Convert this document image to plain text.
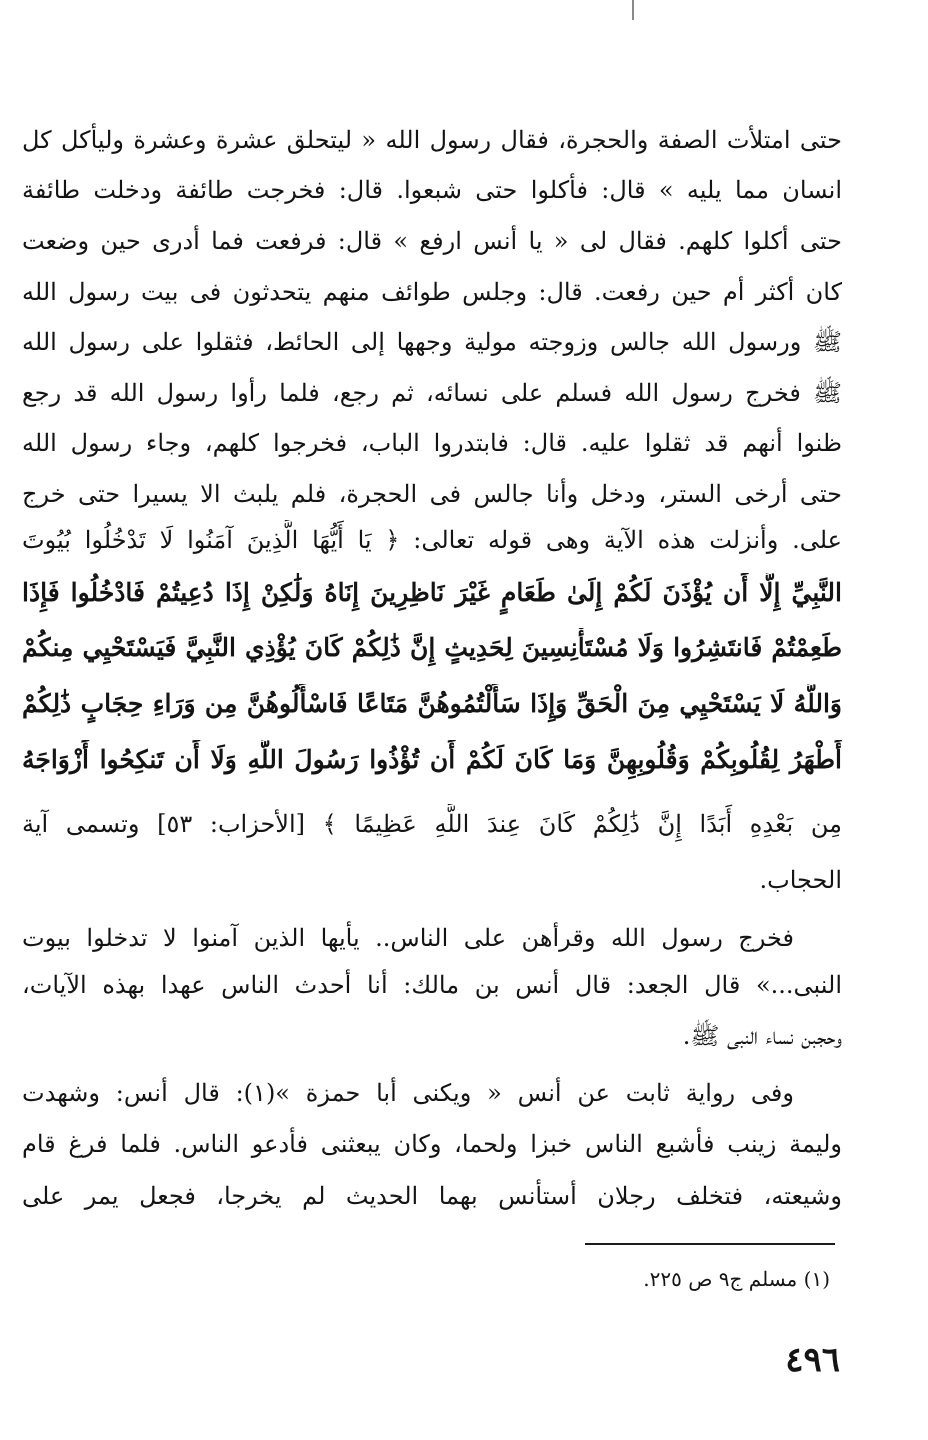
حتى امتلأت الصفة والحجرة، فقال رسول الله « ليتحلق عشرة وعشرة وليأكل كل
انسان مما يليه » قال: فأكلوا حتى شبعوا. قال: فخرجت طائفة ودخلت طائفة
حتى أكلوا كلهم. فقال لى « يا أنس ارفع » قال: فرفعت فما أدرى حين وضعت
كان أكثر أم حين رفعت. قال: وجلس طوائف منهم يتحدثون فى بيت رسول الله
ﷺ ورسول الله جالس وزوجته مولية وجهها إلى الحائط، فثقلوا على رسول الله
ﷺ فخرج رسول الله فسلم على نسائه، ثم رجع، فلما رأوا رسول الله قد رجع
ظنوا أنهم قد ثقلوا عليه. قال: فابتدروا الباب، فخرجوا كلهم، وجاء رسول الله
حتى أرخى الستر، ودخل وأنا جالس فى الحجرة، فلم يلبث الا يسيرا حتى خرج
على. وأنزلت هذه الآية وهى قوله تعالى: ﴿ يَا أَيُّهَا الَّذِينَ آمَنُوا لَا تَدْخُلُوا بُيُوتَ
النَّبِيِّ إِلَّا أَن يُؤْذَنَ لَكُمْ إِلَىٰ طَعَامٍ غَيْرَ نَاظِرِينَ إِنَاهُ وَلَٰكِنْ إِذَا دُعِيتُمْ فَادْخُلُوا فَإِذَا
طَعِمْتُمْ فَانتَشِرُوا وَلَا مُسْتَأْنِسِينَ لِحَدِيثٍ إِنَّ ذَٰلِكُمْ كَانَ يُؤْذِي النَّبِيَّ فَيَسْتَحْيِي مِنكُمْ
وَاللَّهُ لَا يَسْتَحْيِي مِنَ الْحَقِّ وَإِذَا سَأَلْتُمُوهُنَّ مَتَاعًا فَاسْأَلُوهُنَّ مِن وَرَاءِ حِجَابٍ ذَٰلِكُمْ
أَطْهَرُ لِقُلُوبِكُمْ وَقُلُوبِهِنَّ وَمَا كَانَ لَكُمْ أَن تُؤْذُوا رَسُولَ اللَّهِ وَلَا أَن تَنكِحُوا أَزْوَاجَهُ
مِن بَعْدِهِ أَبَدًا إِنَّ ذَٰلِكُمْ كَانَ عِندَ اللَّهِ عَظِيمًا ﴾ [الأحزاب: ٥٣] وتسمى آية
الحجاب.
فخرج رسول الله وقرأهن على الناس.. يأيها الذين آمنوا لا تدخلوا بيوت
النبى...» قال الجعد: قال أنس بن مالك: أنا أحدث الناس عهدا بهذه الآيات،
وحجبن نساء النبى ﷺ.
وفى رواية ثابت عن أنس « ويكنى أبا حمزة »(١): قال أنس: وشهدت
وليمة زينب فأشبع الناس خبزا ولحما، وكان يبعثنى فأدعو الناس. فلما فرغ قام
وشيعته، فتخلف رجلان أستأنس بهما الحديث لم يخرجا، فجعل يمر على
(١) مسلم ج٩ ص ٢٢٥.
٤٩٦
